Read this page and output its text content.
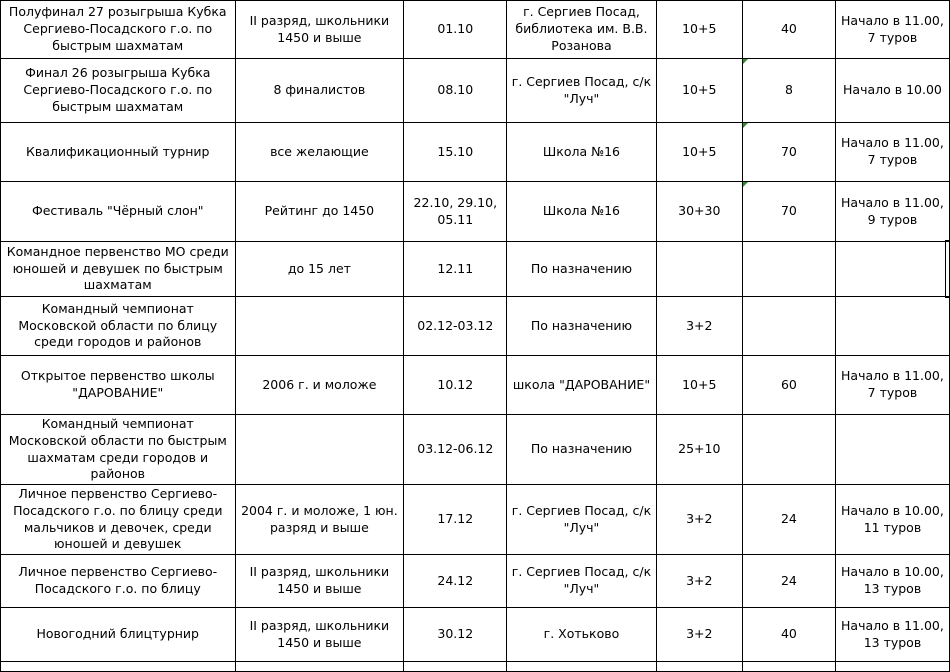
Полуфинал 27 розыгрыша Кубка Сергиево-Посадского г.о. по быстрым шахматам	II разряд, школьники 1450 и выше	01.10	г. Сергиев Посад, библиотека им. В.В. Розанова	10+5	40	Начало в 11.00, 7 туров
Финал 26 розыгрыша Кубка Сергиево-Посадского г.о. по быстрым шахматам	8 финалистов	08.10	г. Сергиев Посад, с/к "Луч"	10+5	8	Начало в 10.00
Квалификационный турнир	все желающие	15.10	Школа №16	10+5	70	Начало в 11.00, 7 туров
Фестиваль "Чёрный слон"	Рейтинг до 1450	22.10, 29.10, 05.11	Школа №16	30+30	70	Начало в 11.00, 9 туров
Командное первенство МО среди юношей и девушек по быстрым шахматам	до 15 лет	12.11	По назначению			
Командный чемпионат Московской области по блицу среди городов и районов		02.12-03.12	По назначению	3+2		
Открытое первенство школы "ДАРОВАНИЕ"	2006 г. и моложе	10.12	школа "ДАРОВАНИЕ"	10+5	60	Начало в 11.00, 7 туров
Командный чемпионат Московской области по быстрым шахматам среди городов и районов		03.12-06.12	По назначению	25+10		
Личное первенство Сергиево-Посадского г.о. по блицу среди мальчиков и девочек, среди юношей и девушек	2004 г. и моложе, 1 юн. разряд и выше	17.12	г. Сергиев Посад, с/к "Луч"	3+2	24	Начало в 10.00, 11 туров
Личное первенство Сергиево-Посадского г.о. по блицу	II разряд, школьники 1450 и выше	24.12	г. Сергиев Посад, с/к "Луч"	3+2	24	Начало в 10.00, 13 туров
Новогодний блицтурнир	II разряд, школьники 1450 и выше	30.12	г. Хотьково	3+2	40	Начало в 11.00, 13 туров
